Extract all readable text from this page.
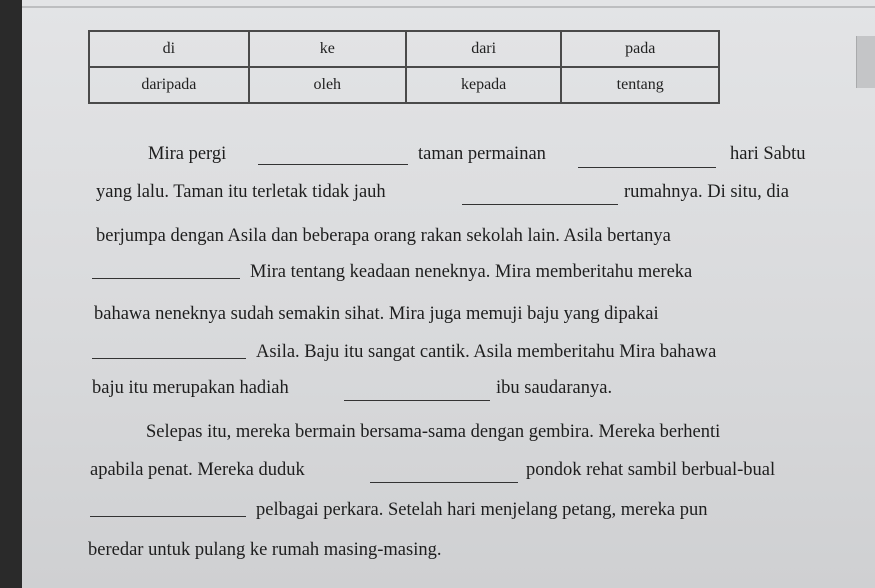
di	ke	dari	pada
daripada	oleh	kepada	tentang
Mira pergi	taman permainan	hari Sabtu
yang lalu. Taman itu terletak tidak jauh	rumahnya. Di situ, dia
berjumpa dengan Asila dan beberapa orang rakan sekolah lain. Asila bertanya
Mira tentang keadaan neneknya. Mira memberitahu mereka
bahawa neneknya sudah semakin sihat. Mira juga memuji baju yang dipakai
Asila. Baju itu sangat cantik. Asila memberitahu Mira bahawa
baju itu merupakan hadiah	ibu saudaranya.
Selepas itu, mereka bermain bersama-sama dengan gembira. Mereka berhenti
apabila penat. Mereka duduk	pondok rehat sambil berbual-bual
pelbagai perkara. Setelah hari menjelang petang, mereka pun
beredar untuk pulang ke rumah masing-masing.
